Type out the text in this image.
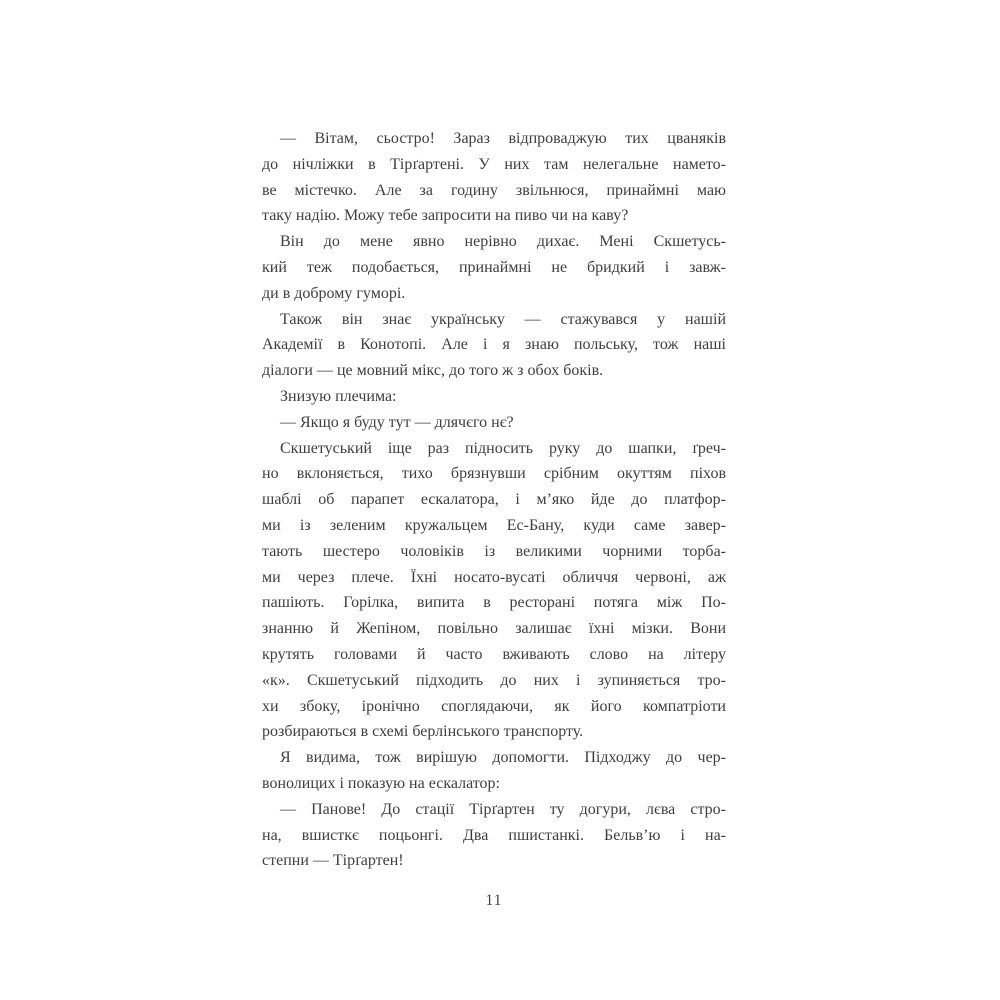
— Вітам, сьостро! Зараз відпроваджую тих цваняків
до нічліжки в Тірґартені. У них там нелегальне намето-
ве містечко. Але за годину звільнюся, принаймні маю
таку надію. Можу тебе запросити на пиво чи на каву?
Він до мене явно нерівно дихає. Мені Скшетусь-
кий теж подобається, принаймні не бридкий і завж-
ди в доброму гуморі.
Також він знає українську — стажувався у нашій
Академії в Конотопі. Але і я знаю польську, тож наші
діалоги — це мовний мікс, до того ж з обох боків.
Знизую плечима:
— Якщо я буду тут — длячєго нє?
Скшетуський іще раз підносить руку до шапки, ґреч-
но вклоняється, тихо брязнувши срібним окуттям піхов
шаблі об парапет ескалатора, і м’яко йде до платфор-
ми із зеленим кружальцем Ес-Бану, куди саме завер-
тають шестеро чоловіків із великими чорними торба-
ми через плече. Їхні носато-вусаті обличчя червоні, аж
пашіють. Горілка, випита в ресторані потяга між По-
знанню й Жепіном, повільно залишає їхні мізки. Вони
крутять головами й часто вживають слово на літеру
«к». Скшетуський підходить до них і зупиняється тро-
хи збоку, іронічно споглядаючи, як його компатріоти
розбираються в схемі берлінського транспорту.
Я видима, тож вирішую допомогти. Підходжу до чер-
вонолицих і показую на ескалатор:
— Панове! До стації Тірґартен ту догури, лєва стро-
на, вшисткє поцьонгі. Два пшистанкі. Бельв’ю і на-
степни — Тірґартен!
11
